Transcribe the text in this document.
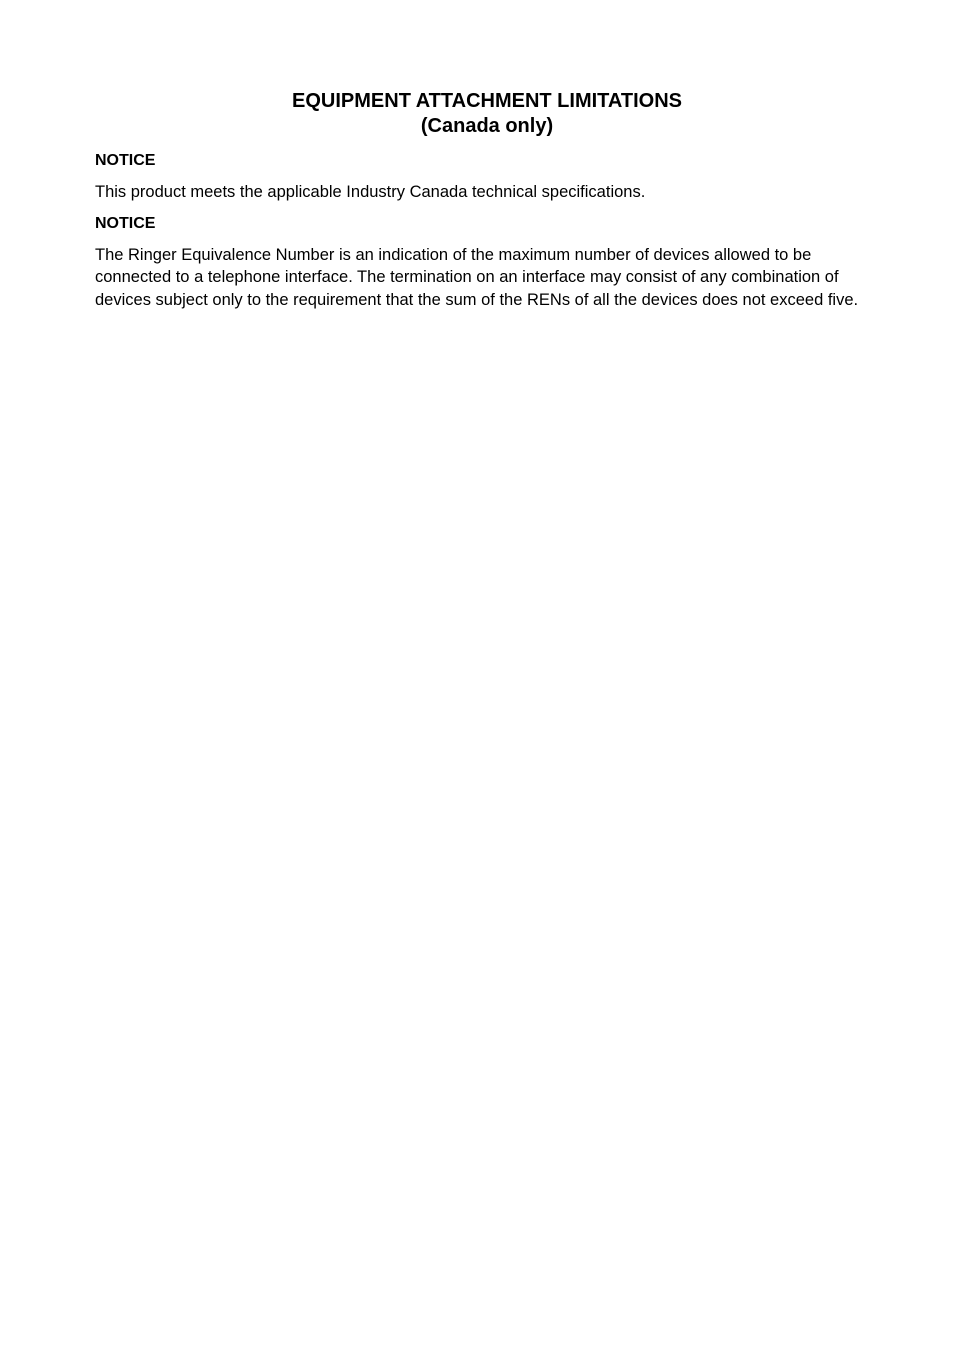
EQUIPMENT ATTACHMENT LIMITATIONS

(Canada only)

NOTICE

This product meets the applicable Industry Canada technical specifications.

NOTICE

The Ringer Equivalence Number is an indication of the maximum number of devices allowed to be connected to a telephone interface. The termination on an interface may consist of any combination of devices subject only to the requirement that the sum of the RENs of all the devices does not exceed five.
